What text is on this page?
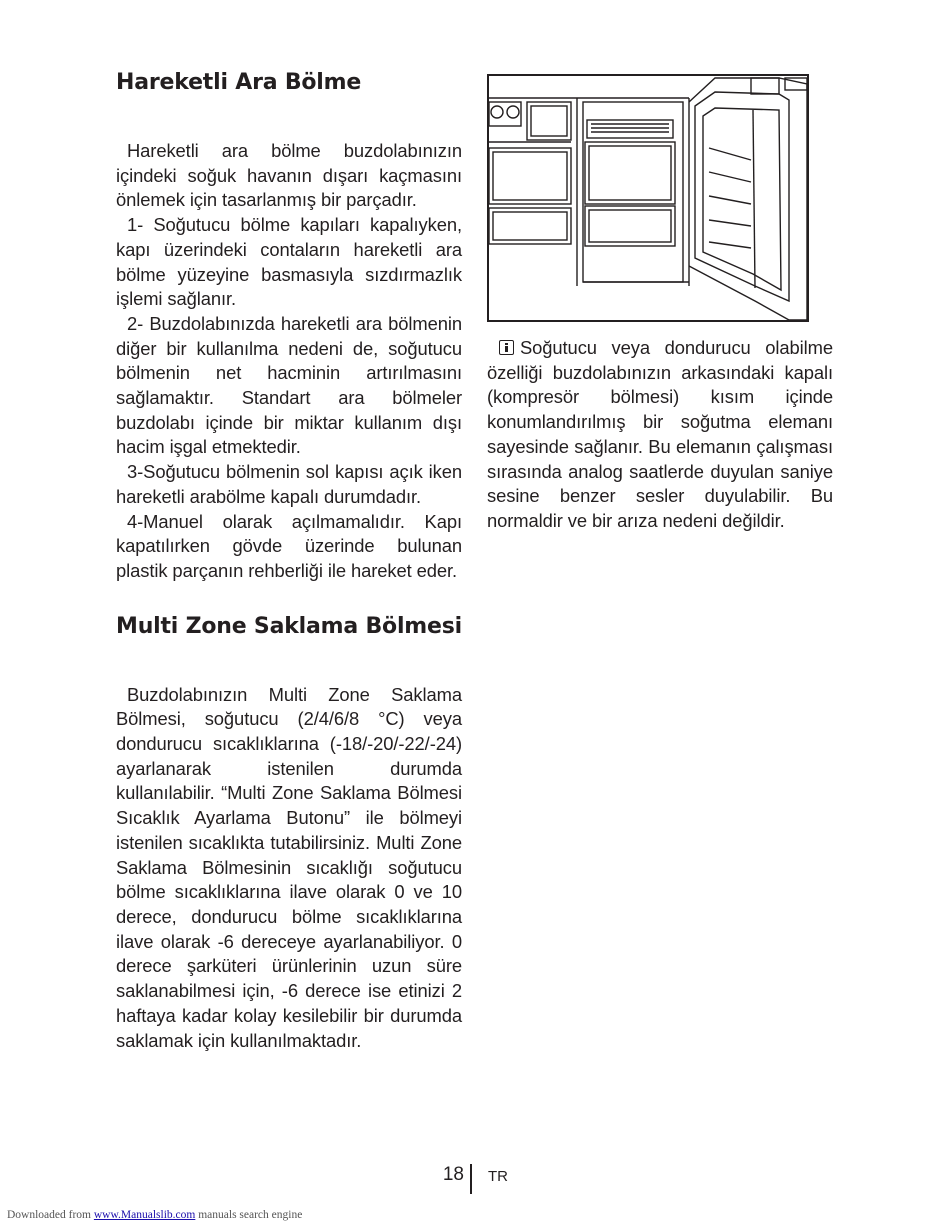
Hareketli Ara Bölme

Hareketli ara bölme buzdolabınızın içindeki soğuk havanın dışarı kaçmasını önlemek için tasarlanmış bir parçadır.

1- Soğutucu bölme kapıları kapalıyken, kapı üzerindeki contaların hareketli ara bölme yüzeyine basmasıyla sızdırmazlık işlemi sağlanır.

2- Buzdolabınızda hareketli ara bölmenin diğer bir kullanılma nedeni de, soğutucu bölmenin net hacminin artırılmasını sağlamaktır. Standart ara bölmeler buzdolabı içinde bir miktar kullanım dışı hacim işgal etmektedir.

3-Soğutucu bölmenin sol kapısı açık iken hareketli arabölme kapalı durumdadır.

4-Manuel olarak açılmamalıdır. Kapı kapatılırken gövde üzerinde bulunan plastik parçanın rehberliği ile hareket eder.

Multi Zone Saklama Bölmesi

Buzdolabınızın Multi Zone Saklama Bölmesi, soğutucu (2/4/6/8 °C) veya dondurucu sıcaklıklarına (-18/-20/-22/-24) ayarlanarak istenilen durumda kullanılabilir. “Multi Zone Saklama Bölmesi Sıcaklık Ayarlama Butonu” ile bölmeyi istenilen sıcaklıkta tutabilirsiniz. Multi Zone Saklama Bölmesinin sıcaklığı soğutucu bölme sıcaklıklarına ilave olarak 0 ve 10 derece, dondurucu bölme sıcaklıklarına ilave olarak -6 dereceye ayarlanabiliyor. 0 derece şarküteri ürünlerinin uzun süre saklanabilmesi için, -6 derece ise etinizi 2 haftaya kadar kolay kesilebilir bir durumda saklamak için kullanılmaktadır.

Soğutucu veya dondurucu olabilme özelliği buzdolabınızın arkasındaki kapalı (kompresör bölmesi) kısım içinde konumlandırılmış bir soğutma elemanı sayesinde sağlanır. Bu elemanın çalışması sırasında analog saatlerde duyulan saniye sesine benzer sesler duyulabilir. Bu normaldir ve bir arıza nedeni değildir.

18 TR
Downloaded from www.Manualslib.com manuals search engine
